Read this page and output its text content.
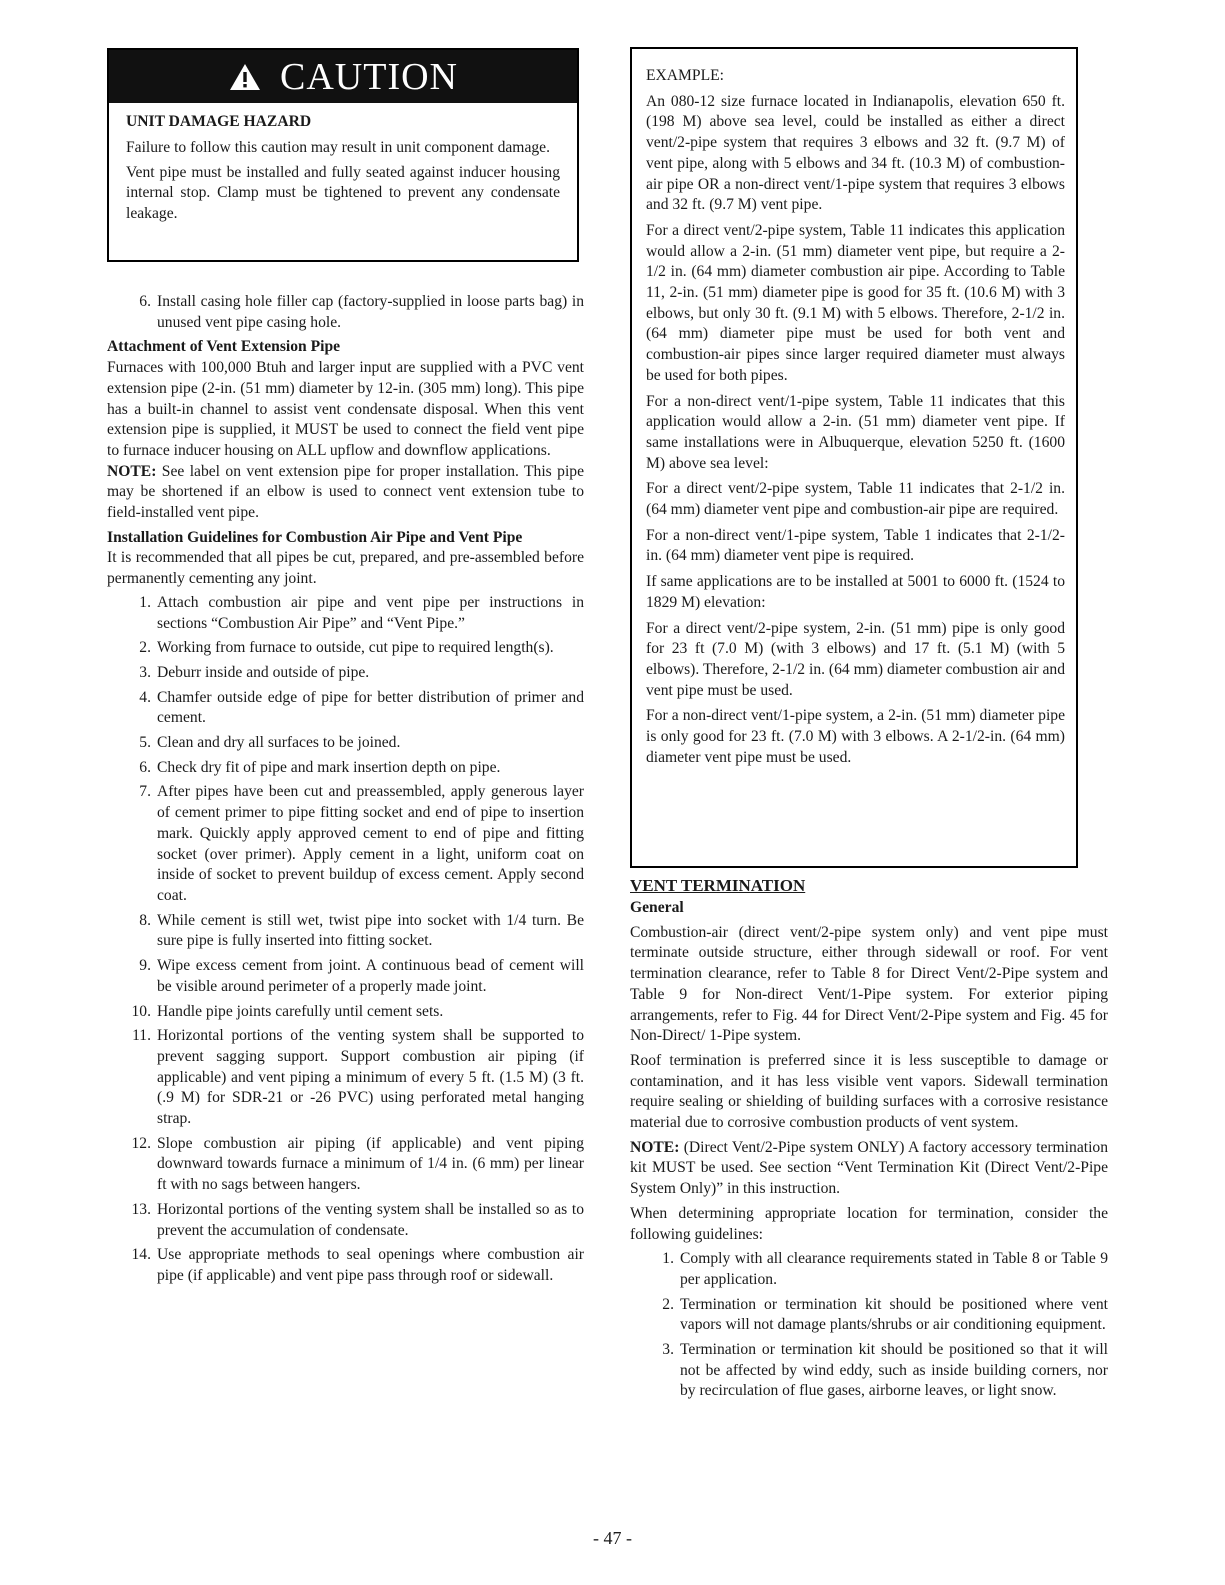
CAUTION
UNIT DAMAGE HAZARD

Failure to follow this caution may result in unit component damage.

Vent pipe must be installed and fully seated against inducer housing internal stop. Clamp must be tightened to prevent any condensate leakage.

6. Install casing hole filler cap (factory-supplied in loose parts bag) in unused vent pipe casing hole.
Attachment of Vent Extension Pipe

Furnaces with 100,000 Btuh and larger input are supplied with a PVC vent extension pipe (2-in. (51 mm) diameter by 12-in. (305 mm) long). This pipe has a built-in channel to assist vent condensate disposal. When this vent extension pipe is supplied, it MUST be used to connect the field vent pipe to furnace inducer housing on ALL upflow and downflow applications.

NOTE: See label on vent extension pipe for proper installation. This pipe may be shortened if an elbow is used to connect vent extension tube to field-installed vent pipe.

Installation Guidelines for Combustion Air Pipe and Vent Pipe

It is recommended that all pipes be cut, prepared, and pre-assembled before permanently cementing any joint.

1. Attach combustion air pipe and vent pipe per instructions in sections “Combustion Air Pipe” and “Vent Pipe.”
2. Working from furnace to outside, cut pipe to required length(s).
3. Deburr inside and outside of pipe.
4. Chamfer outside edge of pipe for better distribution of primer and cement.
5. Clean and dry all surfaces to be joined.
6. Check dry fit of pipe and mark insertion depth on pipe.
7. After pipes have been cut and preassembled, apply generous layer of cement primer to pipe fitting socket and end of pipe to insertion mark. Quickly apply approved cement to end of pipe and fitting socket (over primer). Apply cement in a light, uniform coat on inside of socket to prevent buildup of excess cement. Apply second coat.
8. While cement is still wet, twist pipe into socket with 1/4 turn. Be sure pipe is fully inserted into fitting socket.
9. Wipe excess cement from joint. A continuous bead of cement will be visible around perimeter of a properly made joint.
10. Handle pipe joints carefully until cement sets.
11. Horizontal portions of the venting system shall be supported to prevent sagging support. Support combustion air piping (if applicable) and vent piping a minimum of every 5 ft. (1.5 M) (3 ft. (.9 M) for SDR-21 or -26 PVC) using perforated metal hanging strap.
12. Slope combustion air piping (if applicable) and vent piping downward towards furnace a minimum of 1/4 in. (6 mm) per linear ft with no sags between hangers.
13. Horizontal portions of the venting system shall be installed so as to prevent the accumulation of condensate.
14. Use appropriate methods to seal openings where combustion air pipe (if applicable) and vent pipe pass through roof or sidewall.

EXAMPLE:

An 080-12 size furnace located in Indianapolis, elevation 650 ft. (198 M) above sea level, could be installed as either a direct vent/2-pipe system that requires 3 elbows and 32 ft. (9.7 M) of vent pipe, along with 5 elbows and 34 ft. (10.3 M) of combustion-air pipe OR a non-direct vent/1-pipe system that requires 3 elbows and 32 ft. (9.7 M) vent pipe.

For a direct vent/2-pipe system, Table 11 indicates this application would allow a 2-in. (51 mm) diameter vent pipe, but require a 2-1/2 in. (64 mm) diameter combustion air pipe. According to Table 11, 2-in. (51 mm) diameter pipe is good for 35 ft. (10.6 M) with 3 elbows, but only 30 ft. (9.1 M) with 5 elbows. Therefore, 2-1/2 in. (64 mm) diameter pipe must be used for both vent and combustion-air pipes since larger required diameter must always be used for both pipes.

For a non-direct vent/1-pipe system, Table 11 indicates that this application would allow a 2-in. (51 mm) diameter vent pipe. If same installations were in Albuquerque, elevation 5250 ft. (1600 M) above sea level:

For a direct vent/2-pipe system, Table 11 indicates that 2-1/2 in. (64 mm) diameter vent pipe and combustion-air pipe are required.

For a non-direct vent/1-pipe system, Table 1 indicates that 2-1/2-in. (64 mm) diameter vent pipe is required.

If same applications are to be installed at 5001 to 6000 ft. (1524 to 1829 M) elevation:

For a direct vent/2-pipe system, 2-in. (51 mm) pipe is only good for 23 ft (7.0 M) (with 3 elbows) and 17 ft. (5.1 M) (with 5 elbows). Therefore, 2-1/2 in. (64 mm) diameter combustion air and vent pipe must be used.

For a non-direct vent/1-pipe system, a 2-in. (51 mm) diameter pipe is only good for 23 ft. (7.0 M) with 3 elbows. A 2-1/2-in. (64 mm) diameter vent pipe must be used.

VENT TERMINATION
General

Combustion-air (direct vent/2-pipe system only) and vent pipe must terminate outside structure, either through sidewall or roof. For vent termination clearance, refer to Table 8 for Direct Vent/2-Pipe system and Table 9 for Non-direct Vent/1-Pipe system. For exterior piping arrangements, refer to Fig. 44 for Direct Vent/2-Pipe system and Fig. 45 for Non-Direct/ 1-Pipe system.

Roof termination is preferred since it is less susceptible to damage or contamination, and it has less visible vent vapors. Sidewall termination require sealing or shielding of building surfaces with a corrosive resistance material due to corrosive combustion products of vent system.

NOTE: (Direct Vent/2-Pipe system ONLY) A factory accessory termination kit MUST be used. See section “Vent Termination Kit (Direct Vent/2-Pipe System Only)” in this instruction.

When determining appropriate location for termination, consider the following guidelines:

1. Comply with all clearance requirements stated in Table 8 or Table 9 per application.
2. Termination or termination kit should be positioned where vent vapors will not damage plants/shrubs or air conditioning equipment.
3. Termination or termination kit should be positioned so that it will not be affected by wind eddy, such as inside building corners, nor by recirculation of flue gases, airborne leaves, or light snow.
- 47 -
